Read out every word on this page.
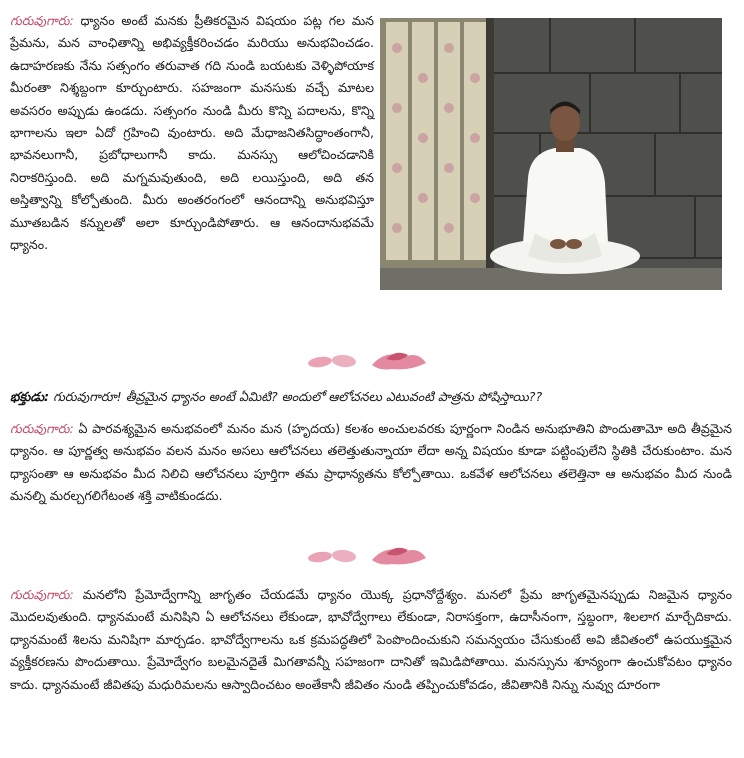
గురువుగారు: ధ్యానం అంటే మనకు ప్రీతికరమైన విషయం పట్ల గల మన ప్రేమను, మన వాంఛితాన్ని అభివ్యక్తీకరించడం మరియు అనుభవించడం. ఉదాహరణకు నేను సత్సంగం తరువాత గది నుండి బయటకు వెళ్ళిపోయాక మీరంతా నిశ్శబ్దంగా కూర్చుంటారు. సహజంగా మనసుకు వచ్చే మాటల అవసరం అప్పుడు ఉండదు. సత్సంగం నుండి మీరు కొన్ని పదాలను, కొన్ని భాగాలను ఇలా ఏదో గ్రహించి వుంటారు. అది మేధాజనితసిద్ధాంతంగానీ, భావనలుగానీ, ప్రబోధాలుగానీ కాదు. మనస్సు ఆలోచించడానికి నిరాకరిస్తుంది. అది మగ్నమవుతుంది, అది లయిస్తుంది, అది తన అస్తిత్వాన్ని కోల్పోతుంది. మీరు అంతరంగంలో ఆనందాన్ని అనుభవిస్తూ మూతబడిన కన్నులతో అలా కూర్చుండిపోతారు. ఆ ఆనందానుభవమే ధ్యానం.

భక్తుడు: గురువుగారూ! తీవ్రమైన ధ్యానం అంటే ఏమిటి? అందులో ఆలోచనలు ఎటువంటి పాత్రను పోషిస్తాయి??

గురువుగారు: ఏ పారవశ్యమైన అనుభవంలో మనం మన (హృదయ) కలశం అంచులవరకు పూర్ణంగా నిండిన అనుభూతిని పొందుతామో అది తీవ్రమైన ధ్యానం. ఆ పూర్ణత్వ అనుభవం వలన మనం అసలు ఆలోచనలు తలెత్తుతున్నాయా లేదా అన్న విషయం కూడా పట్టింపులేని స్థితికి చేరుకుంటాం. మన ధ్యాసంతా ఆ అనుభవం మీద నిలిచి ఆలోచనలు పూర్తిగా తమ ప్రాధాన్యతను కోల్పోతాయి. ఒకవేళ ఆలోచనలు తలెత్తినా ఆ అనుభవం మీద నుండి మనల్ని మరల్చగలిగేటంత శక్తి వాటికుండదు.

గురువుగారు: మనలోని ప్రేమోద్వేగాన్ని జాగృతం చేయడమే ధ్యానం యొక్క ప్రధానోద్దేశ్యం. మనలో ప్రేమ జాగృతమైనప్పుడు నిజమైన ధ్యానం మొదలవుతుంది. ధ్యానమంటే మనిషిని ఏ ఆలోచనలు లేకుండా, భావోద్వేగాలు లేకుండా, నిరాసక్తంగా, ఉదాసీనంగా, స్తబ్ధంగా, శిలలాగ మార్చేదికాదు. ధ్యానమంటే శిలను మనిషిగా మార్చడం. భావోద్వేగాలను ఒక క్రమపద్ధతిలో పెంపొందించుకుని సమన్వయం చేసుకుంటే అవి జీవితంలో ఉపయుక్తమైన వ్యక్తీకరణను పొందుతాయి. ప్రేమోద్వేగం బలమైనదైతే మిగతావన్నీ సహజంగా దానితో ఇమిడిపోతాయి. మనస్సును శూన్యంగా ఉంచుకోవటం ధ్యానం కాదు. ధ్యానమంటే జీవితపు మధురిమలను ఆస్వాదించటం అంతేకానీ జీవితం నుండి తప్పించుకోవడం, జీవితానికి నిన్ను నువ్వు దూరంగా
